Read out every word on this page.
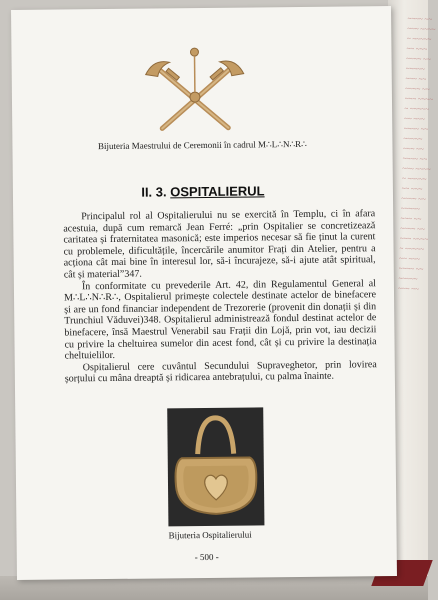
~~~~ ~~ ~~~ ~~~~ ~ ~~~~~ ~~ ~~~ ~~~~ ~~ ~~~~~ ~~~ ~~ ~~~~ ~~ ~~~ ~~~~ ~ ~~~~~ ~~ ~~~ ~~~~ ~~ ~~~~~ ~~~ ~~ ~~~~ ~~ ~~~ ~~~~ ~ ~~~~~ ~~ ~~~ ~~~~ ~~ ~~~~~ ~~~ ~~ ~~~~ ~~ ~~~ ~~~~ ~ ~~~~~ ~~ ~~~ ~~~~ ~~ ~~~~~ ~~~ ~~
Bijuteria Maestrului de Ceremonii în cadrul M∴L∴N∴R∴
II. 3. OSPITALIERUL

Principalul rol al Ospitalierului nu se exercită în Templu, ci în afara acestuia, după cum remarcă Jean Ferré: „prin Ospitalier se concretizează caritatea și fraternitatea masonică; este imperios necesar să fie ținut la curent cu problemele, dificultățile, încercările anumitor Frați din Atelier, pentru a acționa cât mai bine în interesul lor, să-i încurajeze, să-i ajute atât spiritual, cât și material”347.

În conformitate cu prevederile Art. 42, din Regulamentul General al M∴L∴N∴R∴, Ospitalierul primește colectele destinate actelor de binefacere și are un fond financiar independent de Trezorerie (provenit din donații și din Trunchiul Văduvei)348. Ospitalierul administrează fondul destinat actelor de binefacere, însă Maestrul Venerabil sau Frații din Lojă, prin vot, iau decizii cu privire la cheltuirea sumelor din acest fond, cât și cu privire la destinația cheltuielilor.

Ospitalierul cere cuvântul Secundului Supraveghetor, prin lovirea șorțului cu mâna dreaptă și ridicarea antebrațului, cu palma înainte.

Bijuteria Ospitalierului
- 500 -
